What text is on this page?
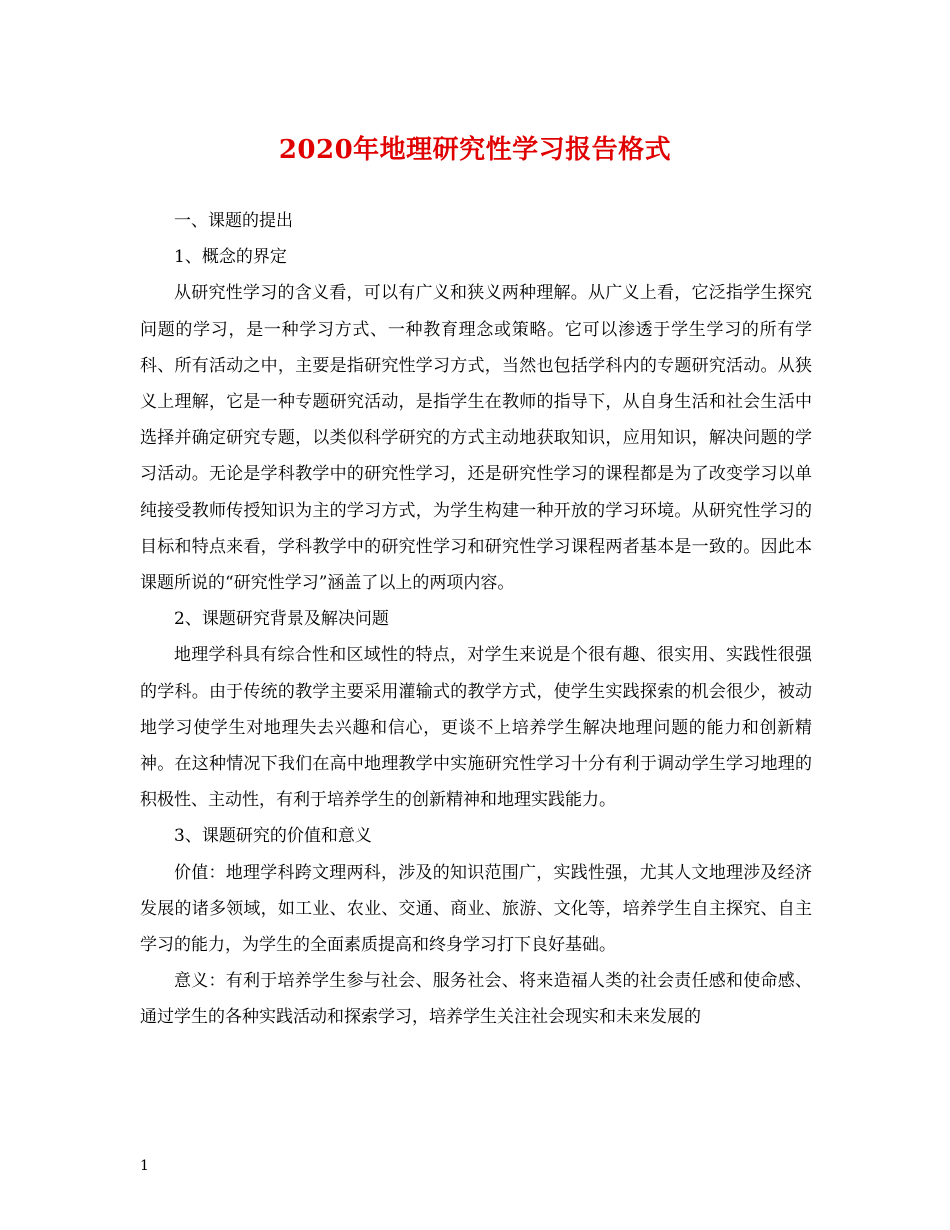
2020年地理研究性学习报告格式

一、课题的提出

1、概念的界定

从研究性学习的含义看，可以有广义和狭义两种理解。从广义上看，它泛指学生探究问题的学习，是一种学习方式、一种教育理念或策略。它可以渗透于学生学习的所有学科、所有活动之中，主要是指研究性学习方式，当然也包括学科内的专题研究活动。从狭义上理解，它是一种专题研究活动，是指学生在教师的指导下，从自身生活和社会生活中选择并确定研究专题，以类似科学研究的方式主动地获取知识，应用知识，解决问题的学习活动。无论是学科教学中的研究性学习，还是研究性学习的课程都是为了改变学习以单纯接受教师传授知识为主的学习方式，为学生构建一种开放的学习环境。从研究性学习的目标和特点来看，学科教学中的研究性学习和研究性学习课程两者基本是一致的。因此本课题所说的“研究性学习”涵盖了以上的两项内容。

2、课题研究背景及解决问题

地理学科具有综合性和区域性的特点，对学生来说是个很有趣、很实用、实践性很强的学科。由于传统的教学主要采用灌输式的教学方式，使学生实践探索的机会很少，被动地学习使学生对地理失去兴趣和信心，更谈不上培养学生解决地理问题的能力和创新精神。在这种情况下我们在高中地理教学中实施研究性学习十分有利于调动学生学习地理的积极性、主动性，有利于培养学生的创新精神和地理实践能力。

3、课题研究的价值和意义

价值：地理学科跨文理两科，涉及的知识范围广，实践性强，尤其人文地理涉及经济发展的诸多领域，如工业、农业、交通、商业、旅游、文化等，培养学生自主探究、自主学习的能力，为学生的全面素质提高和终身学习打下良好基础。

意义：有利于培养学生参与社会、服务社会、将来造福人类的社会责任感和使命感、通过学生的各种实践活动和探索学习，培养学生关注社会现实和未来发展的

1
